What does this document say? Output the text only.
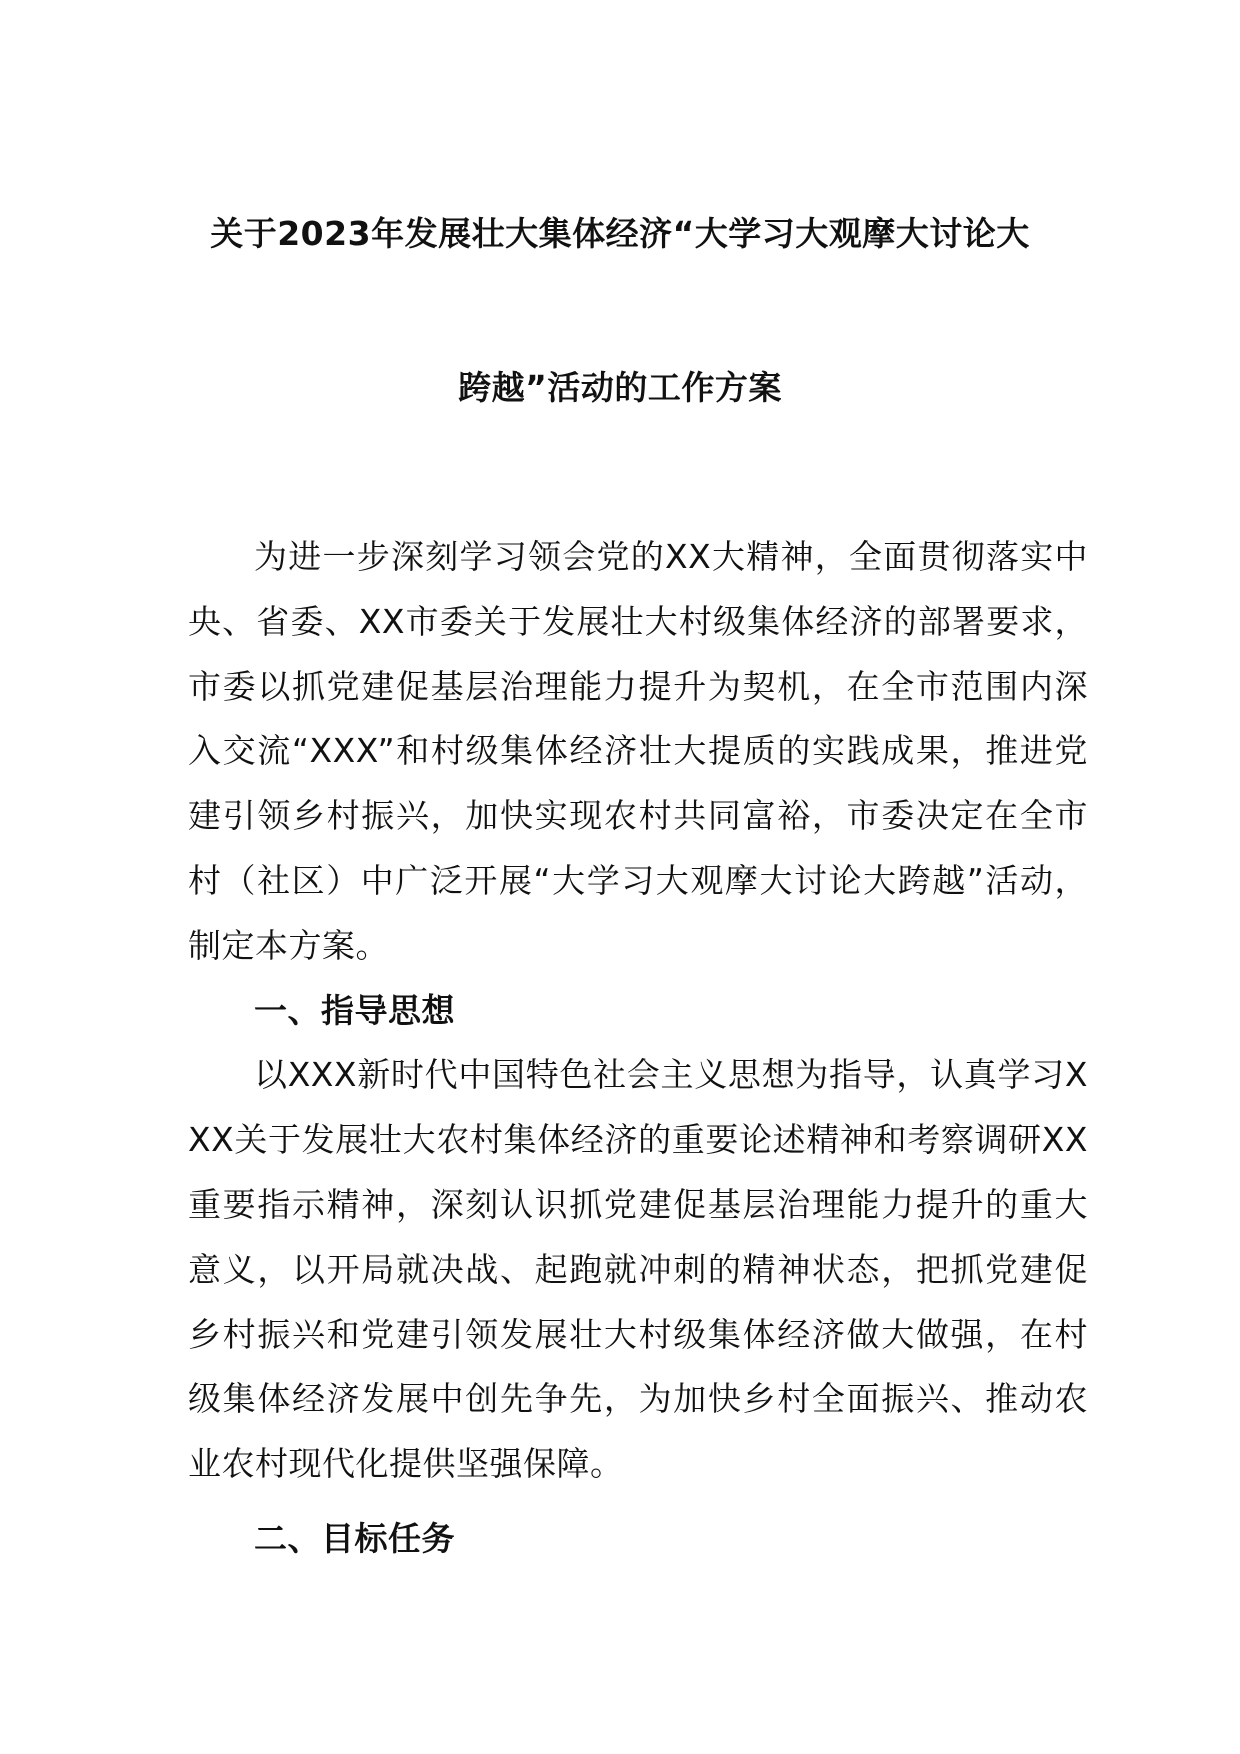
关于2023年发展壮大集体经济“大学习大观摩大讨论大
跨越”活动的工作方案

为进一步深刻学习领会党的XX大精神，全面贯彻落实中央、省委、XX市委关于发展壮大村级集体经济的部署要求，市委以抓党建促基层治理能力提升为契机，在全市范围内深入交流“XXX”和村级集体经济壮大提质的实践成果，推进党建引领乡村振兴，加快实现农村共同富裕，市委决定在全市村（社区）中广泛开展“大学习大观摩大讨论大跨越”活动，制定本方案。

一、指导思想

以XXX新时代中国特色社会主义思想为指导，认真学习XXX关于发展壮大农村集体经济的重要论述精神和考察调研XX重要指示精神，深刻认识抓党建促基层治理能力提升的重大意义，以开局就决战、起跑就冲刺的精神状态，把抓党建促乡村振兴和党建引领发展壮大村级集体经济做大做强，在村级集体经济发展中创先争先，为加快乡村全面振兴、推动农业农村现代化提供坚强保障。

二、目标任务
